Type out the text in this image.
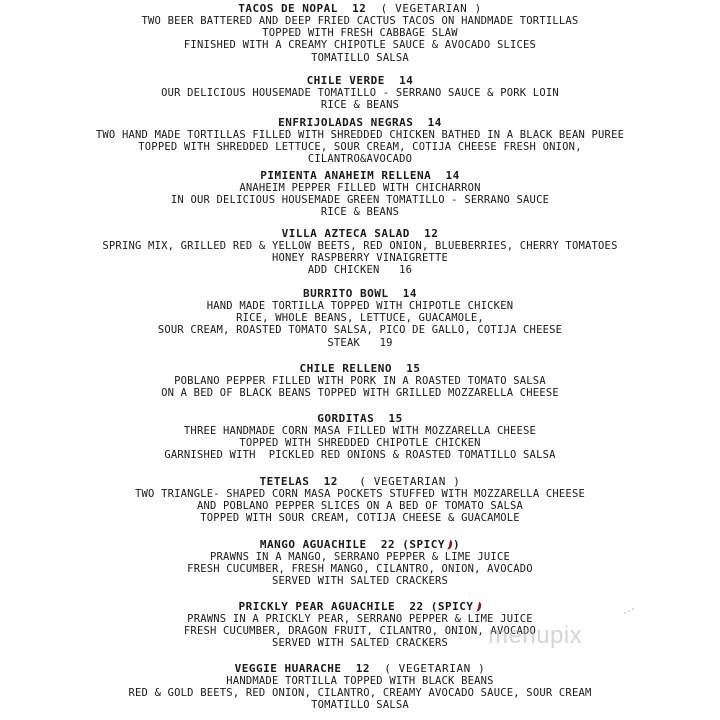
TACOS DE NOPAL 12 ( VEGETARIAN )
TWO BEER BATTERED AND DEEP FRIED CACTUS TACOS ON HANDMADE TORTILLAS
TOPPED WITH FRESH CABBAGE SLAW
FINISHED WITH A CREAMY CHIPOTLE SAUCE & AVOCADO SLICES
TOMATILLO SALSA
CHILE VERDE 14
OUR DELICIOUS HOUSEMADE TOMATILLO - SERRANO SAUCE & PORK LOIN
RICE & BEANS
ENFRIJOLADAS NEGRAS 14
TWO HAND MADE TORTILLAS FILLED WITH SHREDDED CHICKEN BATHED IN A BLACK BEAN PUREE
TOPPED WITH SHREDDED LETTUCE, SOUR CREAM, COTIJA CHEESE FRESH ONION,
CILANTRO&AVOCADO
PIMIENTA ANAHEIM RELLENA 14
ANAHEIM PEPPER FILLED WITH CHICHARRON
IN OUR DELICIOUS HOUSEMADE GREEN TOMATILLO - SERRANO SAUCE
RICE & BEANS
VILLA AZTECA SALAD 12
SPRING MIX, GRILLED RED & YELLOW BEETS, RED ONION, BLUEBERRIES, CHERRY TOMATOES
HONEY RASPBERRY VINAIGRETTE
ADD CHICKEN   16
BURRITO BOWL 14
HAND MADE TORTILLA TOPPED WITH CHIPOTLE CHICKEN
RICE, WHOLE BEANS, LETTUCE, GUACAMOLE,
SOUR CREAM, ROASTED TOMATO SALSA, PICO DE GALLO, COTIJA CHEESE
STEAK   19
CHILE RELLENO 15
POBLANO PEPPER FILLED WITH PORK IN A ROASTED TOMATO SALSA
ON A BED OF BLACK BEANS TOPPED WITH GRILLED MOZZARELLA CHEESE
GORDITAS 15
THREE HANDMADE CORN MASA FILLED WITH MOZZARELLA CHEESE
TOPPED WITH SHREDDED CHIPOTLE CHICKEN
GARNISHED WITH  PICKLED RED ONIONS & ROASTED TOMATILLO SALSA
TETELAS 12 ( VEGETARIAN )
TWO TRIANGLE- SHAPED CORN MASA POCKETS STUFFED WITH MOZZARELLA CHEESE
AND POBLANO PEPPER SLICES ON A BED OF TOMATO SALSA
TOPPED WITH SOUR CREAM, COTIJA CHEESE & GUACAMOLE
MANGO AGUACHILE 22 (SPICY )
PRAWNS IN A MANGO, SERRANO PEPPER & LIME JUICE
FRESH CUCUMBER, FRESH MANGO, CILANTRO, ONION, AVOCADO
SERVED WITH SALTED CRACKERS
PRICKLY PEAR AGUACHILE 22 (SPICY
PRAWNS IN A PRICKLY PEAR, SERRANO PEPPER & LIME JUICE
FRESH CUCUMBER, DRAGON FRUIT, CILANTRO, ONION, AVOCADO
SERVED WITH SALTED CRACKERS
VEGGIE HUARACHE 12 ( VEGETARIAN )
HANDMADE TORTILLA TOPPED WITH BLACK BEANS
RED & GOLD BEETS, RED ONION, CILANTRO, CREAMY AVOCADO SAUCE, SOUR CREAM
TOMATILLO SALSA
menupix
